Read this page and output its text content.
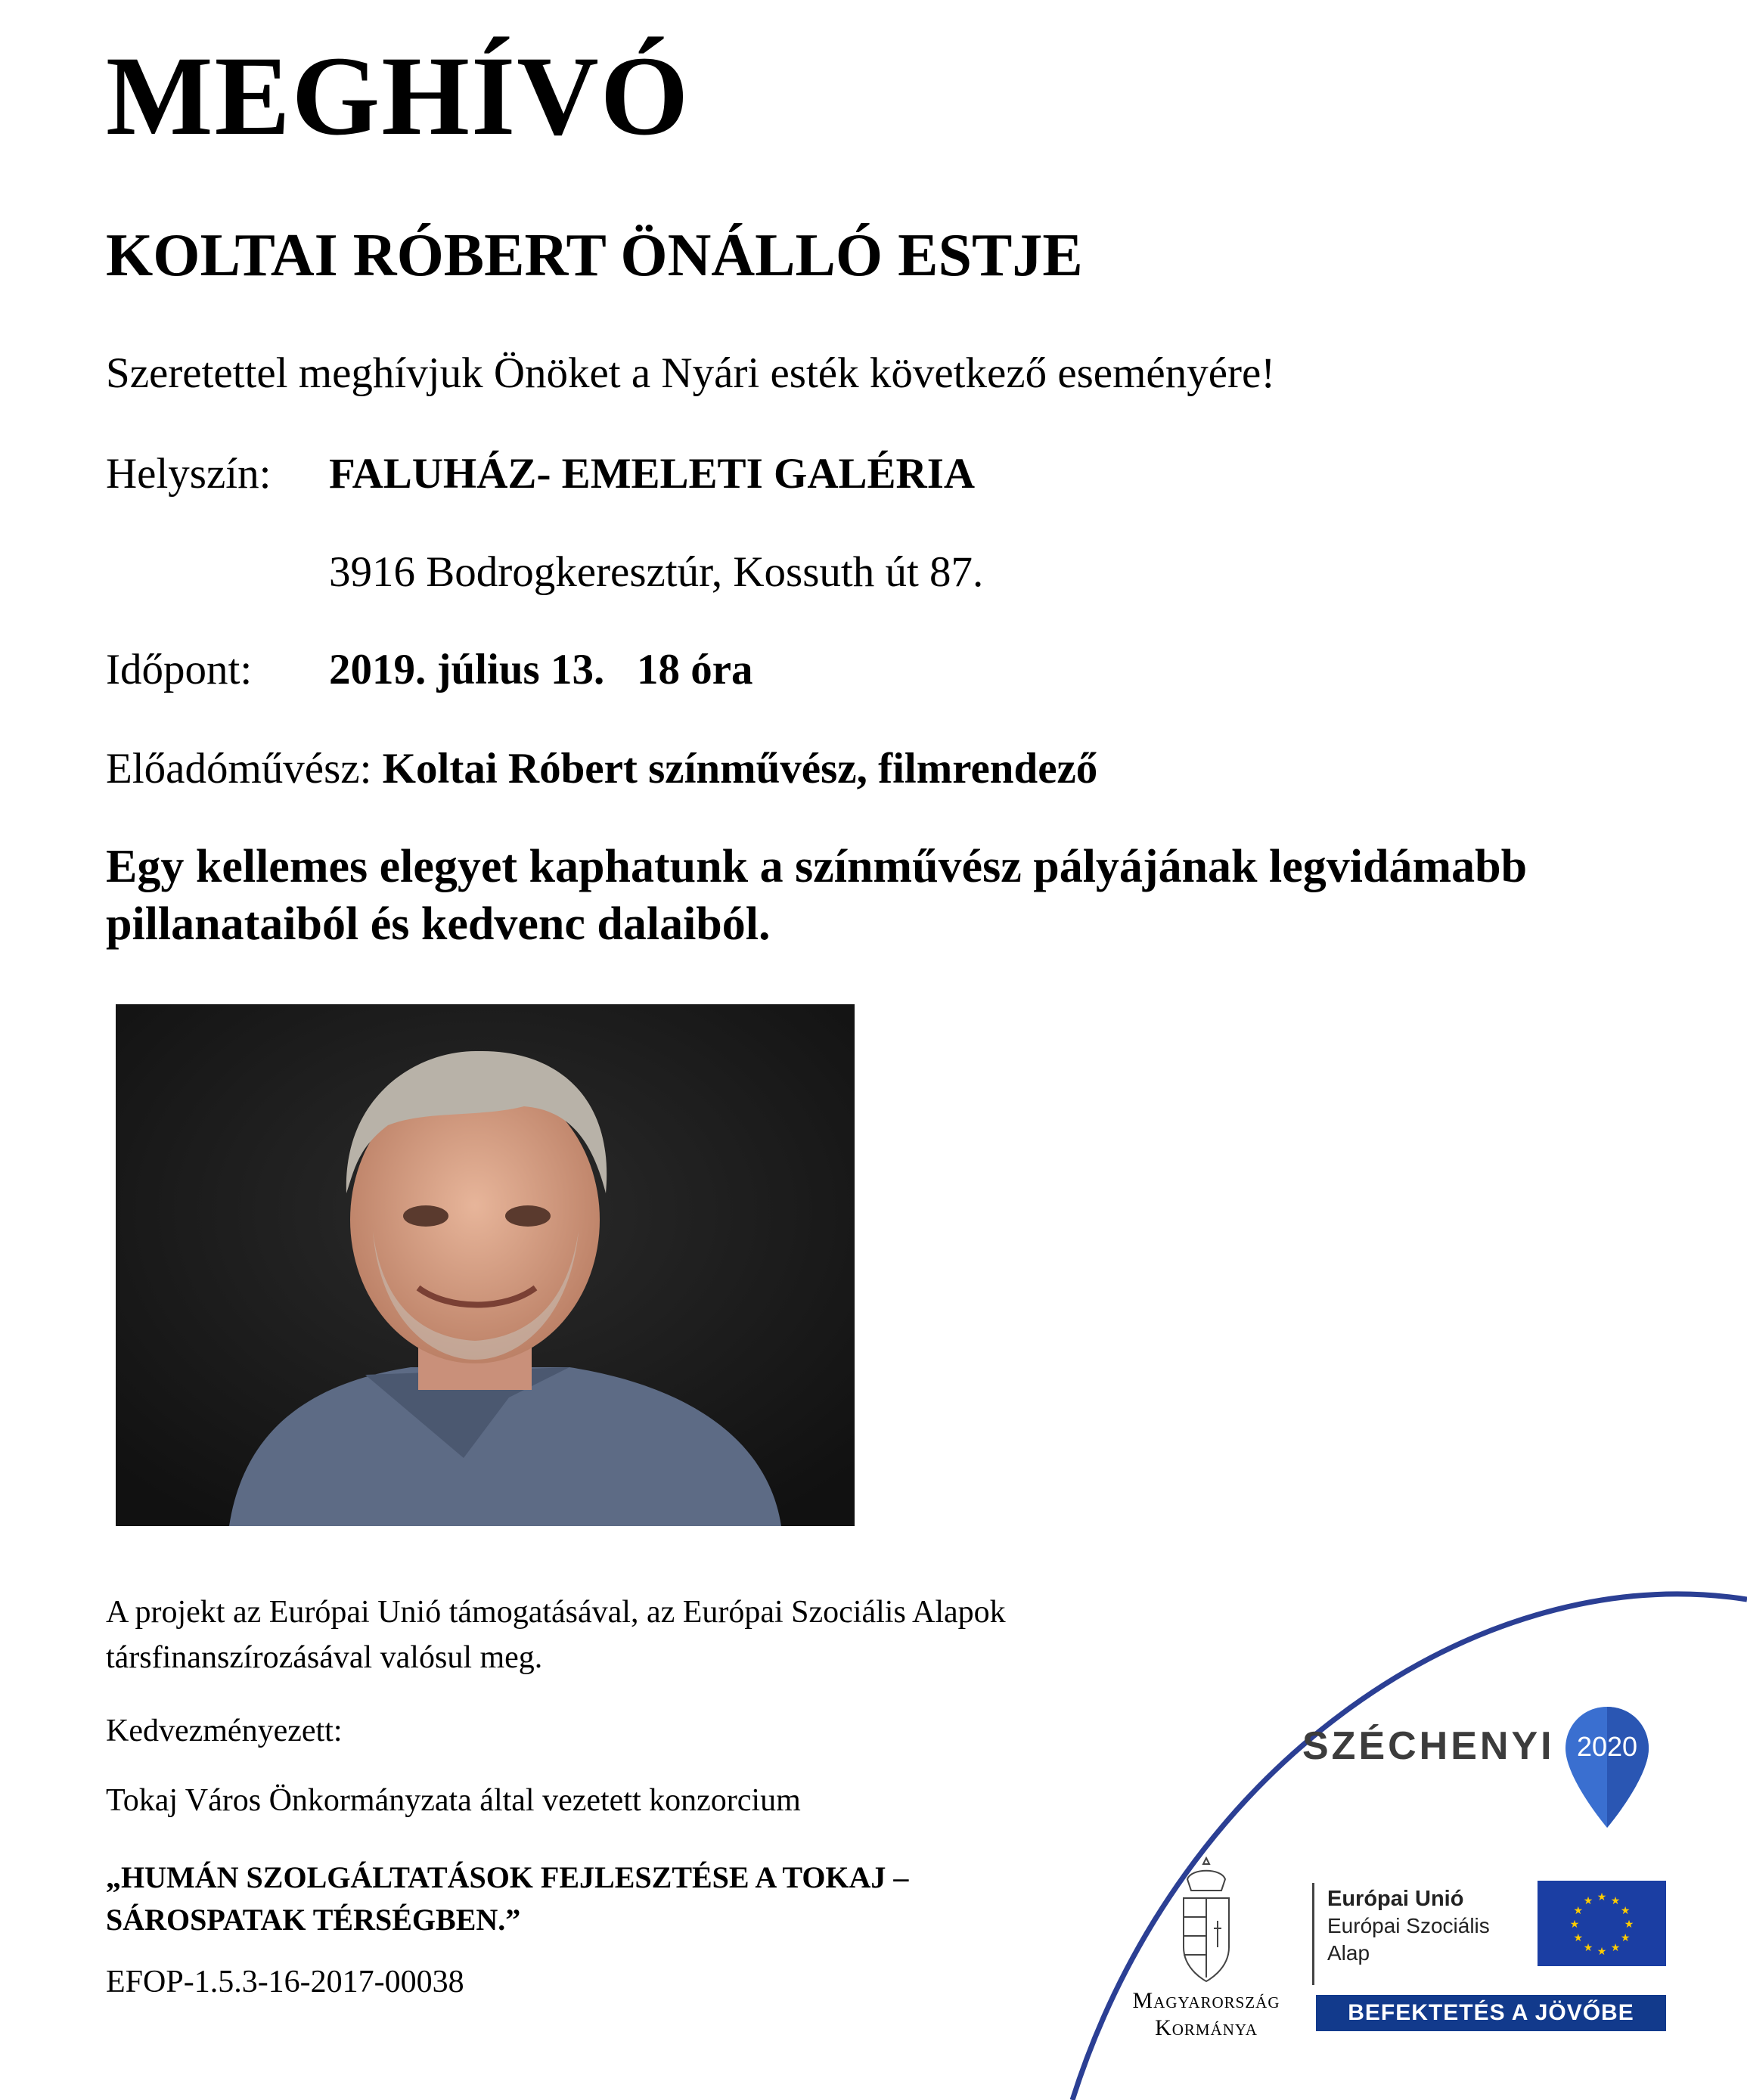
MEGHÍVÓ
KOLTAI RÓBERT ÖNÁLLÓ ESTJE
Szeretettel meghívjuk Önöket a Nyári esték következő eseményére!
Helyszín: FALUHÁZ- EMELETI GALÉRIA
3916 Bodrogkeresztúr, Kossuth út 87.
Időpont: 2019. július 13.   18 óra
Előadóművész: Koltai Róbert színművész, filmrendező
Egy kellemes elegyet kaphatunk a színművész pályájának legvidámabb pillanataiból és kedvenc dalaiból.
A projekt az Európai Unió támogatásával, az Európai Szociális Alapok társfinanszírozásával valósul meg.
Kedvezményezett:
Tokaj Város Önkormányzata által vezetett konzorcium
„HUMÁN SZOLGÁLTATÁSOK FEJLESZTÉSE A TOKAJ –SÁROSPATAK TÉRSÉGBEN.”
EFOP-1.5.3-16-2017-00038
SZÉCHENYI 2020
Magyarország
Kormánya
Európai Unió
Európai Szociális
Alap
★
★
★
★
★
★
★
★
★ ★ ★
★
BEFEKTETÉS A JÖVŐBE
